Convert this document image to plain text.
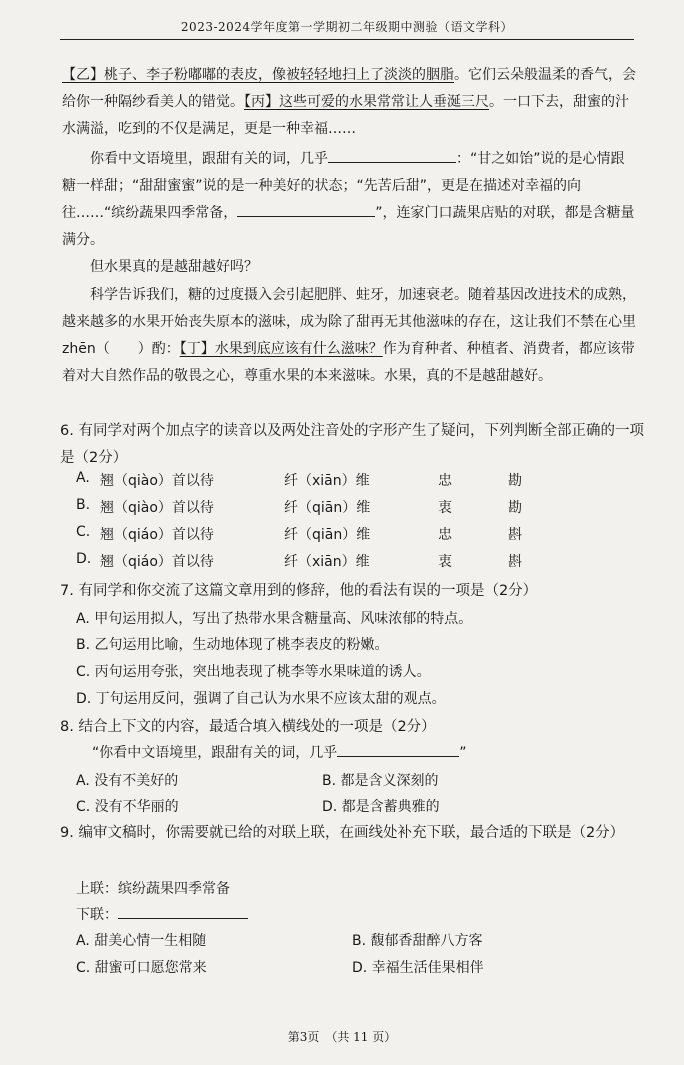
2023-2024学年度第一学期初二年级期中测验（语文学科）
【乙】桃子、李子粉嘟嘟的表皮，像被轻轻地扫上了淡淡的胭脂。它们云朵般温柔的香气，会给你一种隔纱看美人的错觉。【丙】这些可爱的水果常常让人垂涎三尺。一口下去，甜蜜的汁水满溢，吃到的不仅是满足，更是一种幸福……
你看中文语境里，跟甜有关的词，几乎	：“甘之如饴”说的是心情跟糖一样甜；“甜甜蜜蜜”说的是一种美好的状态；“先苦后甜”，更是在描述对幸福的向往……“缤纷蔬果四季常备，	”，连家门口蔬果店贴的对联，都是含糖量满分。
但水果真的是越甜越好吗？
科学告诉我们，糖的过度摄入会引起肥胖、蛀牙，加速衰老。随着基因改进技术的成熟，越来越多的水果开始丧失原本的滋味，成为除了甜再无其他滋味的存在，这让我们不禁在心里 zhēn（　　）酌：【丁】水果到底应该有什么滋味？作为育种者、种植者、消费者，都应该带着对大自然作品的敬畏之心，尊重水果的本来滋味。水果，真的不是越甜越好。
6. 有同学对两个加点字的读音以及两处注音处的字形产生了疑问，下列判断全部正确的一项是（2分）
A. 翘（qiào）首以待	纤（xiān）维	忠	勘
B. 翘（qiào）首以待	纤（qiān）维	衷	勘
C. 翘（qiáo）首以待	纤（qiān）维	忠	斟
D. 翘（qiáo）首以待	纤（xiān）维	衷	斟
7. 有同学和你交流了这篇文章用到的修辞，他的看法有误的一项是（2分）
A. 甲句运用拟人，写出了热带水果含糖量高、风味浓郁的特点。
B. 乙句运用比喻，生动地体现了桃李表皮的粉嫩。
C. 丙句运用夸张，突出地表现了桃李等水果味道的诱人。
D. 丁句运用反问，强调了自己认为水果不应该太甜的观点。
8. 结合上下文的内容，最适合填入横线处的一项是（2分）
“你看中文语境里，跟甜有关的词，几乎	”
A. 没有不美好的	B. 都是含义深刻的
C. 没有不华丽的	D. 都是含蓄典雅的
9. 编审文稿时，你需要就已给的对联上联，在画线处补充下联，最合适的下联是（2分）
上联：缤纷蔬果四季常备
下联：
A. 甜美心情一生相随	B. 馥郁香甜醉八方客
C. 甜蜜可口愿您常来	D. 幸福生活佳果相伴
第3页　（共 11 页）
